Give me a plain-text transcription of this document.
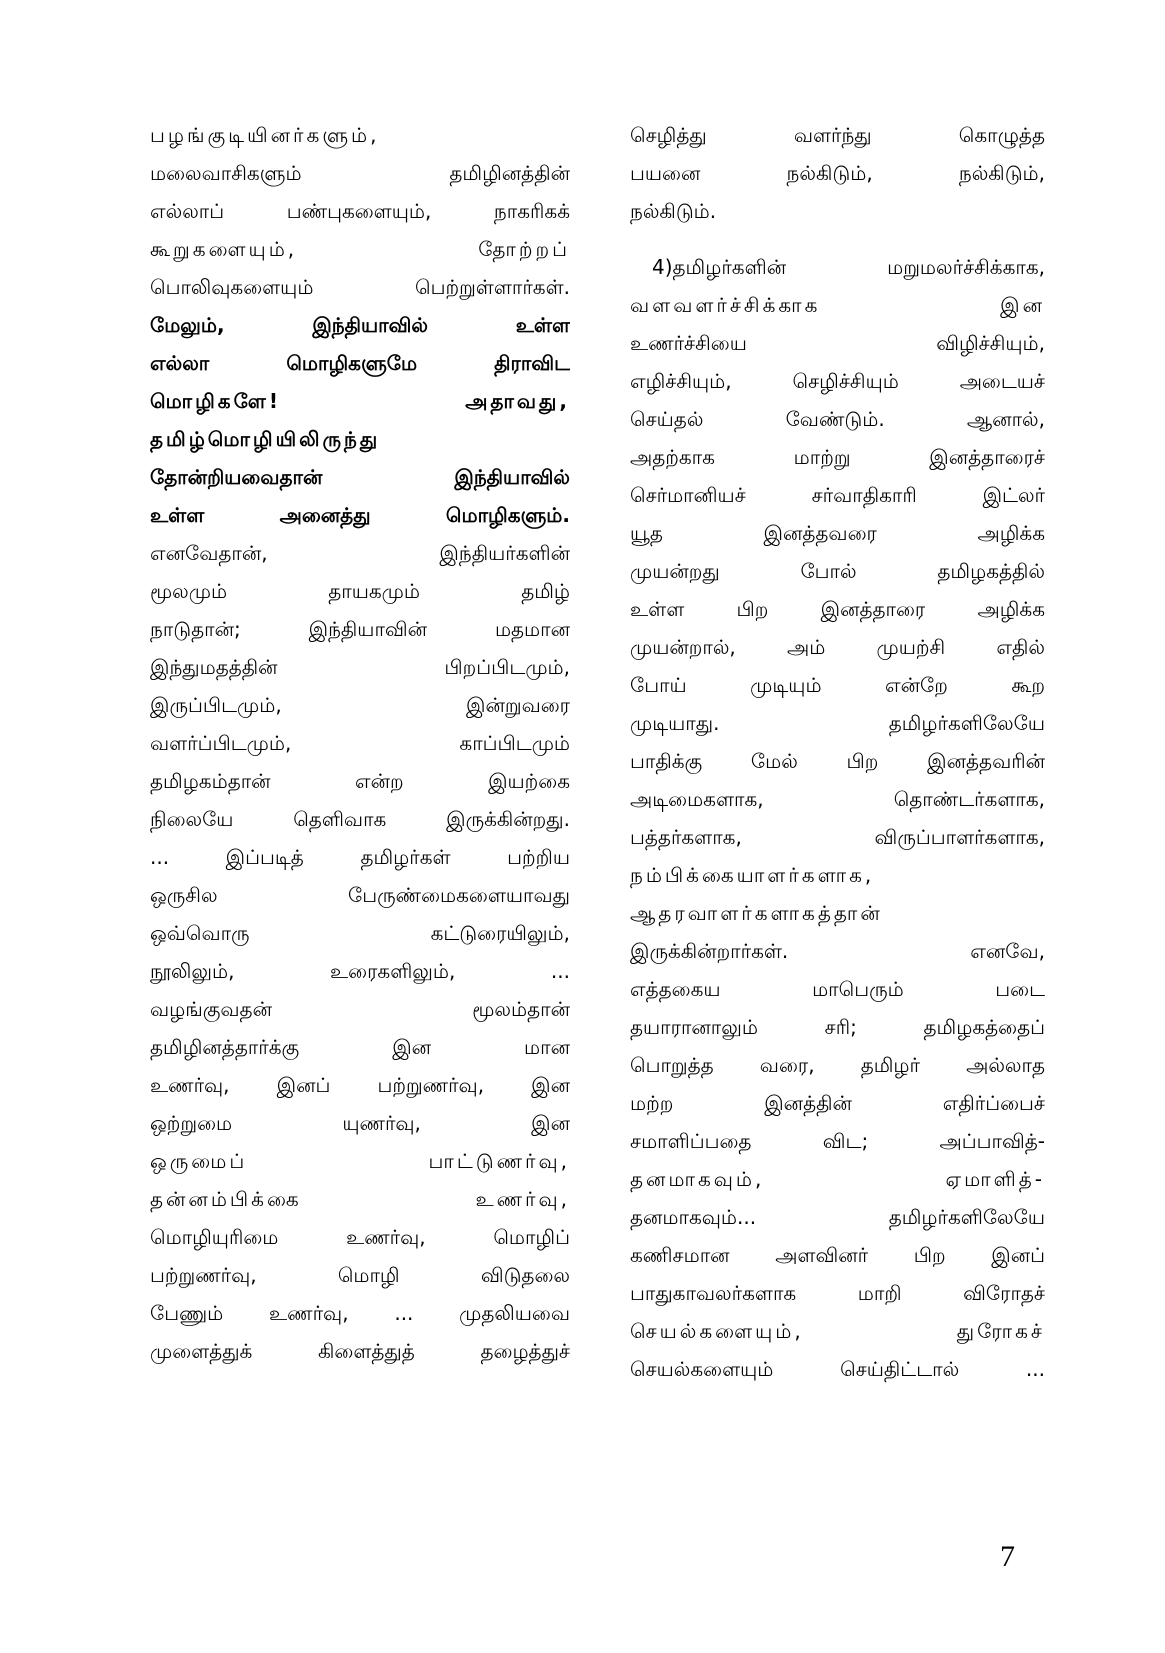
பழங்குடியினர்களும்,
மலைவாசிகளும் தமிழினத்தின்
எல்லாப் பண்புகளையும், நாகரிகக்
கூறுகளையும், தோற்றப்
பொலிவுகளையும் பெற்றுள்ளார்கள்.
மேலும், இந்தியாவில் உள்ள
எல்லா மொழிகளுமே திராவிட
மொழிகளே! அதாவது,
தமிழ்மொழியிலிருந்து
தோன்றியவைதான் இந்தியாவில்
உள்ள அனைத்து மொழிகளும்.
எனவேதான், இந்தியர்களின்
மூலமும் தாயகமும் தமிழ்
நாடுதான்; இந்தியாவின் மதமான
இந்துமதத்தின் பிறப்பிடமும்,
இருப்பிடமும், இன்றுவரை
வளர்ப்பிடமும், காப்பிடமும்
தமிழகம்தான் என்ற இயற்கை
நிலையே தெளிவாக இருக்கின்றது.
... இப்படித் தமிழர்கள் பற்றிய
ஒருசில பேருண்மைகளையாவது
ஒவ்வொரு கட்டுரையிலும்,
நூலிலும், உரைகளிலும், ...
வழங்குவதன் மூலம்தான்
தமிழினத்தார்க்கு இன மான
உணர்வு, இனப் பற்றுணர்வு, இன
ஒற்றுமை யுணர்வு, இன
ஒருமைப் பாட்டுணர்வு,
தன்னம்பிக்கை உணர்வு,
மொழியுரிமை உணர்வு, மொழிப்
பற்றுணர்வு, மொழி விடுதலை
பேணும் உணர்வு, ... முதலியவை
முளைத்துக் கிளைத்துத் தழைத்துச்
செழித்து வளர்ந்து கொழுத்த
பயனை நல்கிடும், நல்கிடும்,
நல்கிடும்.
4)தமிழர்களின் மறுமலர்ச்சிக்காக,
வளவளர்ச்சிக்காக இன
உணர்ச்சியை விழிச்சியும்,
எழிச்சியும், செழிச்சியும் அடையச்
செய்தல் வேண்டும். ஆனால்,
அதற்காக மாற்று இனத்தாரைச்
செர்மானியச் சர்வாதிகாரி இட்லர்
யூத இனத்தவரை அழிக்க
முயன்றது போல் தமிழகத்தில்
உள்ள பிற இனத்தாரை அழிக்க
முயன்றால், அம் முயற்சி எதில்
போய் முடியும் என்றே கூற
முடியாது. தமிழர்களிலேயே
பாதிக்கு மேல் பிற இனத்தவரின்
அடிமைகளாக, தொண்டர்களாக,
பத்தர்களாக, விருப்பாளர்களாக,
நம்பிக்கையாளர்களாக,
ஆதரவாளர்களாகத்தான்
இருக்கின்றார்கள். எனவே,
எத்தகைய மாபெரும் படை
தயாரானாலும் சரி; தமிழகத்தைப்
பொறுத்த வரை, தமிழர் அல்லாத
மற்ற இனத்தின் எதிர்ப்பைச்
சமாளிப்பதை விட; அப்பாவித்-
தனமாகவும், ஏமாளித்-
தனமாகவும்... தமிழர்களிலேயே
கணிசமான அளவினர் பிற இனப்
பாதுகாவலர்களாக மாறி விரோதச்
செயல்களையும், துரோகச்
செயல்களையும் செய்திட்டால் ...
7
